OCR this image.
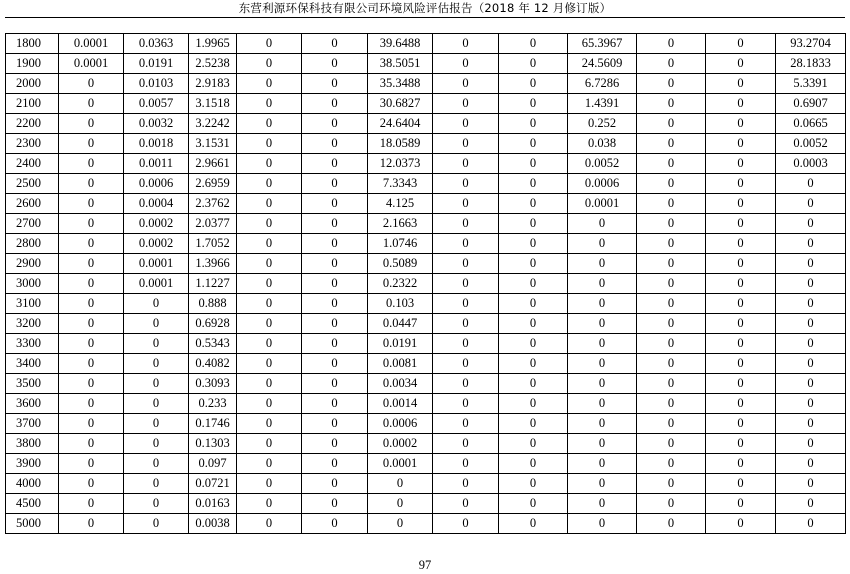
东营利源环保科技有限公司环境风险评估报告（2018 年 12 月修订版）
1800	0.0001	0.0363	1.9965	0	0	39.6488	0	0	65.3967	0	0	93.2704
1900	0.0001	0.0191	2.5238	0	0	38.5051	0	0	24.5609	0	0	28.1833
2000	0	0.0103	2.9183	0	0	35.3488	0	0	6.7286	0	0	5.3391
2100	0	0.0057	3.1518	0	0	30.6827	0	0	1.4391	0	0	0.6907
2200	0	0.0032	3.2242	0	0	24.6404	0	0	0.252	0	0	0.0665
2300	0	0.0018	3.1531	0	0	18.0589	0	0	0.038	0	0	0.0052
2400	0	0.0011	2.9661	0	0	12.0373	0	0	0.0052	0	0	0.0003
2500	0	0.0006	2.6959	0	0	7.3343	0	0	0.0006	0	0	0
2600	0	0.0004	2.3762	0	0	4.125	0	0	0.0001	0	0	0
2700	0	0.0002	2.0377	0	0	2.1663	0	0	0	0	0	0
2800	0	0.0002	1.7052	0	0	1.0746	0	0	0	0	0	0
2900	0	0.0001	1.3966	0	0	0.5089	0	0	0	0	0	0
3000	0	0.0001	1.1227	0	0	0.2322	0	0	0	0	0	0
3100	0	0	0.888	0	0	0.103	0	0	0	0	0	0
3200	0	0	0.6928	0	0	0.0447	0	0	0	0	0	0
3300	0	0	0.5343	0	0	0.0191	0	0	0	0	0	0
3400	0	0	0.4082	0	0	0.0081	0	0	0	0	0	0
3500	0	0	0.3093	0	0	0.0034	0	0	0	0	0	0
3600	0	0	0.233	0	0	0.0014	0	0	0	0	0	0
3700	0	0	0.1746	0	0	0.0006	0	0	0	0	0	0
3800	0	0	0.1303	0	0	0.0002	0	0	0	0	0	0
3900	0	0	0.097	0	0	0.0001	0	0	0	0	0	0
4000	0	0	0.0721	0	0	0	0	0	0	0	0	0
4500	0	0	0.0163	0	0	0	0	0	0	0	0	0
5000	0	0	0.0038	0	0	0	0	0	0	0	0	0
97
